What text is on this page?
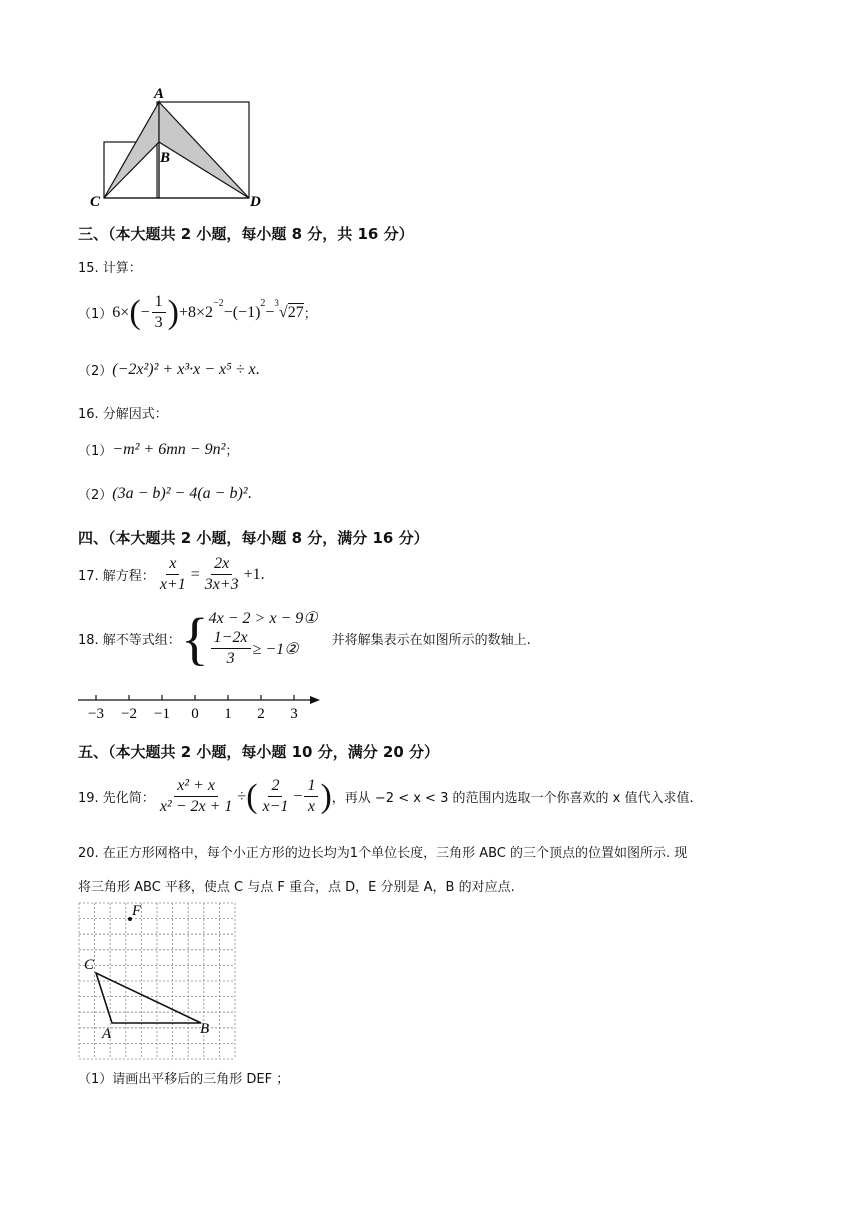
A
B
C	D
三、（本大题共 2 小题，每小题 8 分，共 16 分）
15. 计算：
（1） 6× ( − $\frac{1}{3}$ ) $+8\times 2^{-2} -(-1)^2$ −
$^3$
√ 27 ；
（2） (−2x²)² + x³·x − x⁵ ÷ x .
16. 分解因式：
（1） −m² + 6mn − 9n² ；
（2） (3a − b)² − 4(a − b)² .
四、（本大题共 2 小题，每小题 8 分，满分 16 分）
17. 解方程： $\frac{x}{x+1} = \frac{2x}{3x+3} +1$.
18. 解不等式组： { 4x − 2 > x − 9①
$\frac{1-2x}{3}$ ≥ −1②	并将解集表示在如图所示的数轴上.
−3 −2 −1 0 1 2 3
五、（本大题共 2 小题，每小题 10 分，满分 20 分）
19. 先化简： $\frac{\text{x² + x}}{\text{x² − 2x + 1}}$ ÷ ( $\frac{2}{x-1} - \frac{1}{x}$ ) ，再从 −2 < x < 3 的范围内选取一个你喜欢的 x 值代入求值.
20. 在正方形网格中，每个小正方形的边长均为1个单位长度，三角形 ABC 的三个顶点的位置如图所示. 现
将三角形 ABC 平移，使点 C 与点 F 重合，点 D，E 分别是 A，B 的对应点.
F
C
A	B
（1）请画出平移后的三角形 DEF ；
